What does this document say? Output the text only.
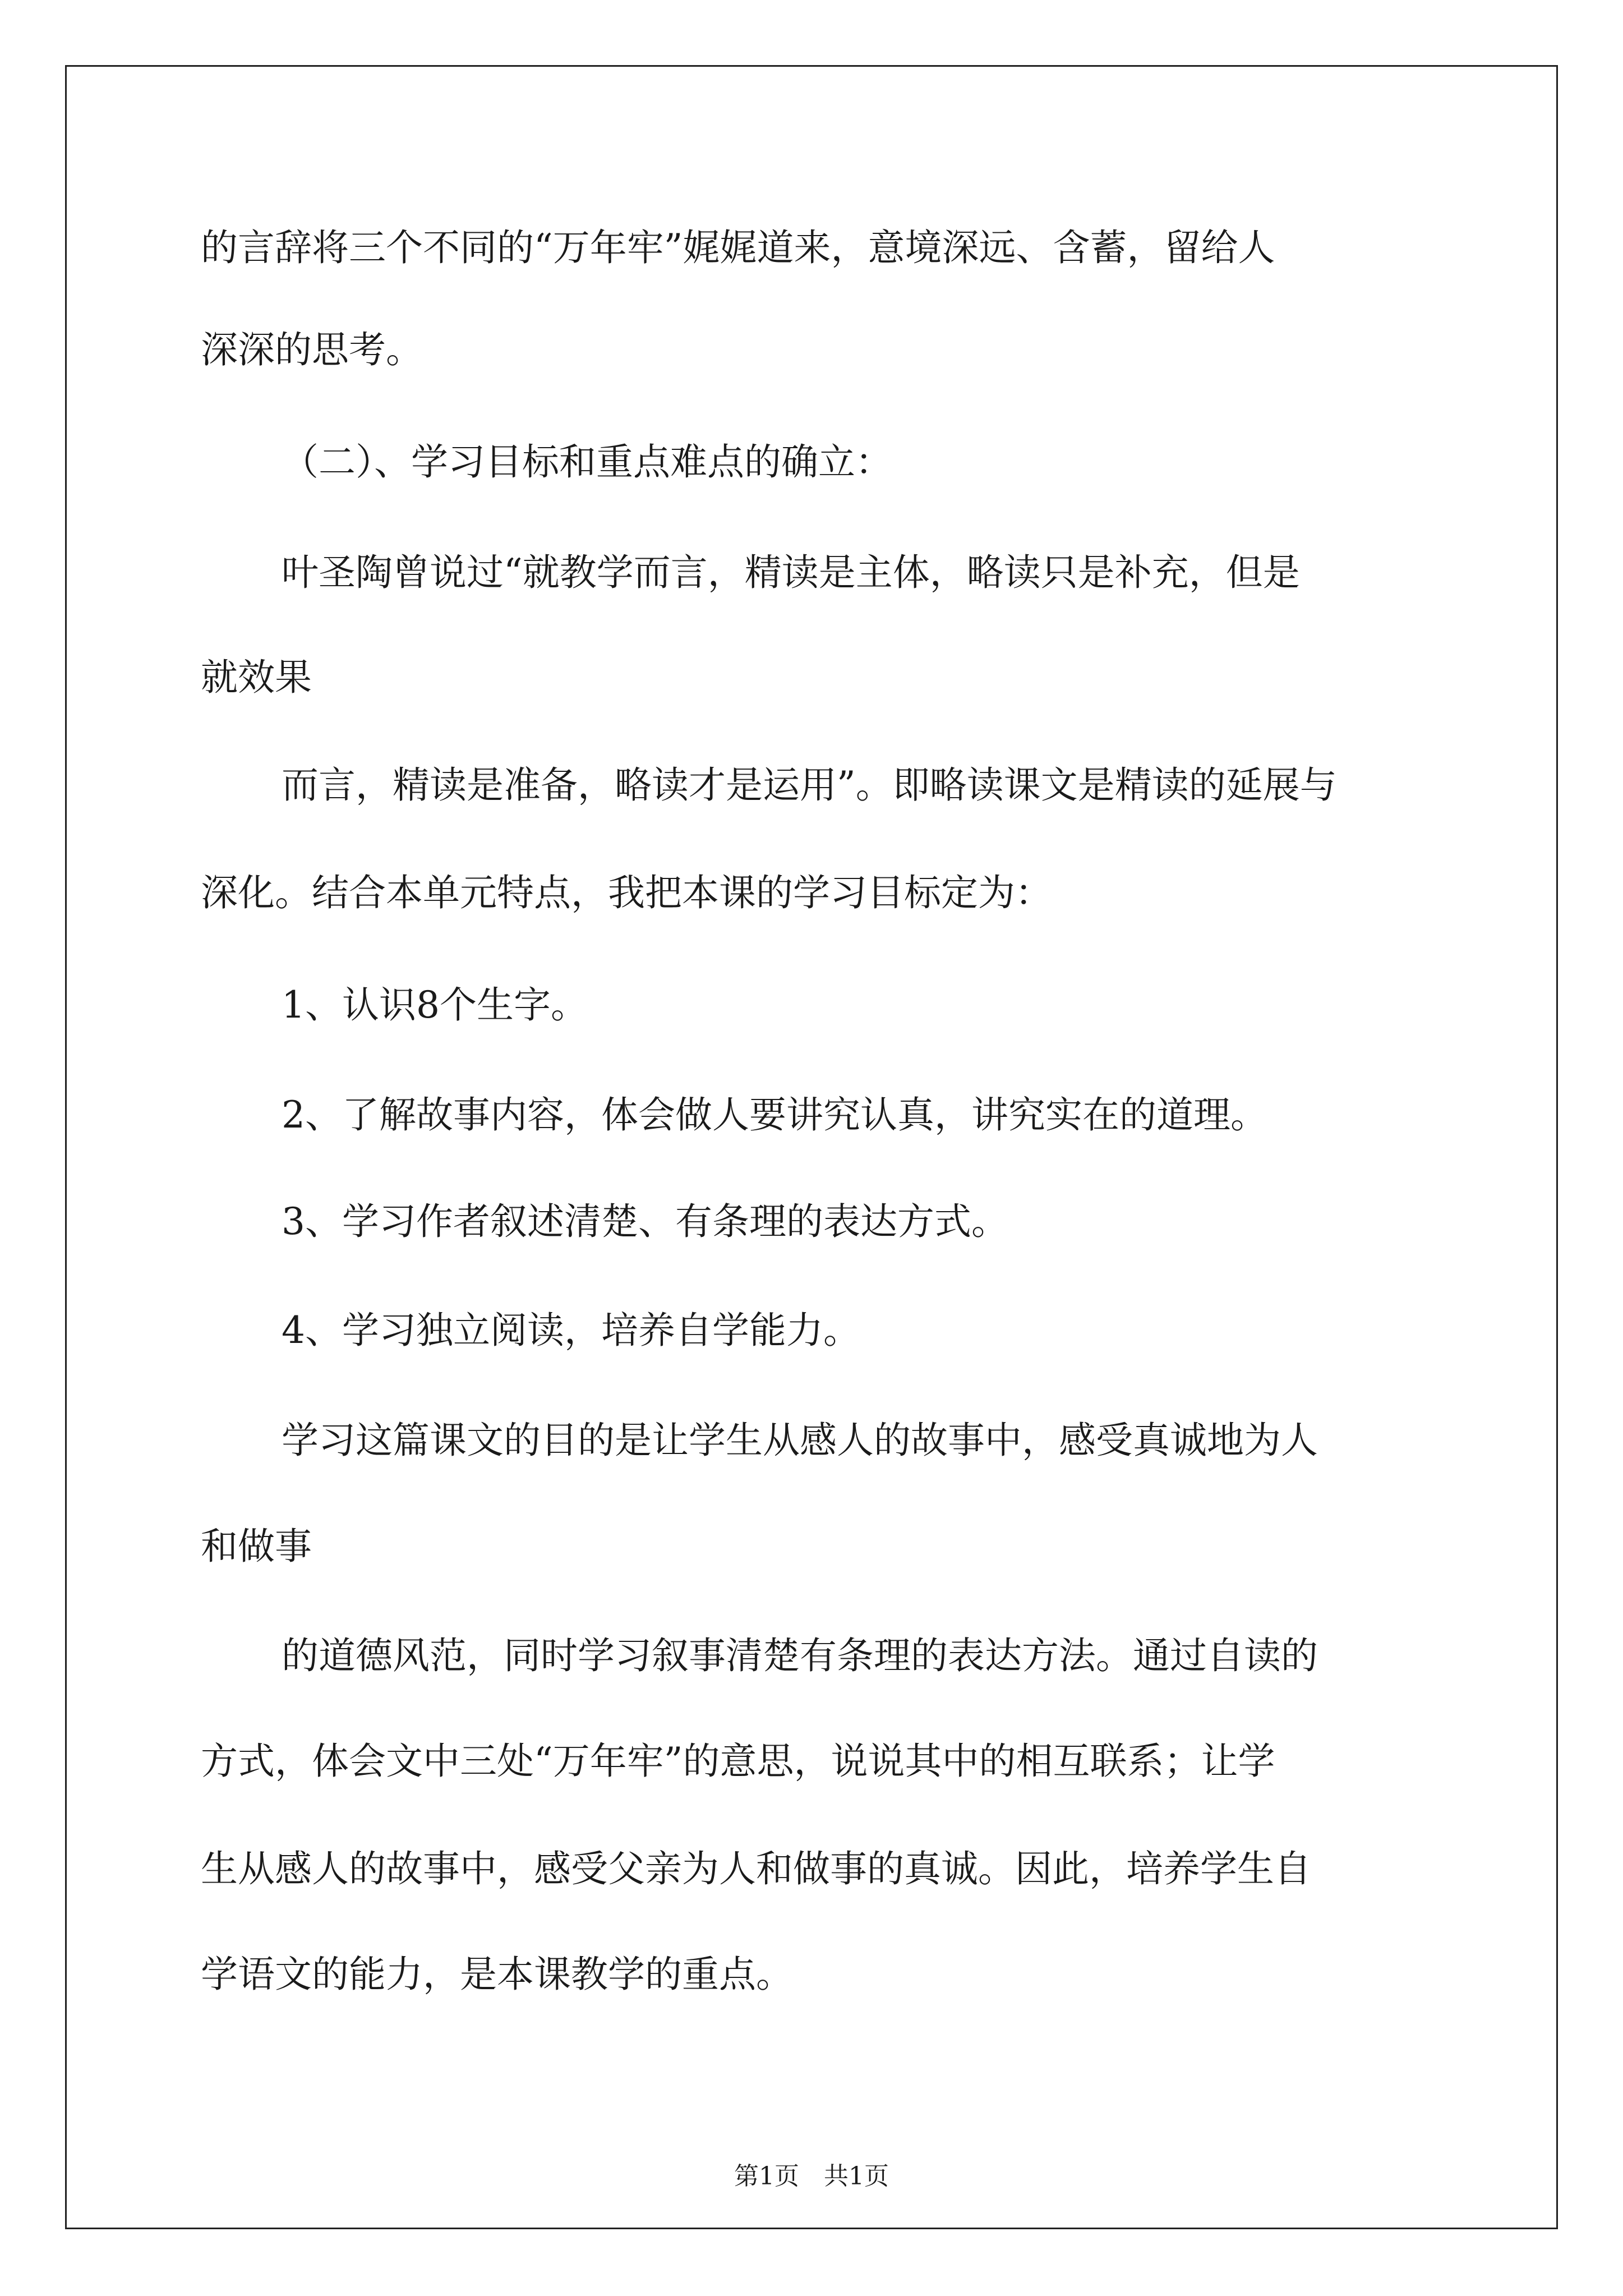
的言辞将三个不同的“万年牢”娓娓道来，意境深远、含蓄，留给人
深深的思考。
（二）、学习目标和重点难点的确立：
叶圣陶曾说过“就教学而言，精读是主体，略读只是补充，但是
就效果
而言，精读是准备，略读才是运用”。即略读课文是精读的延展与
深化。结合本单元特点，我把本课的学习目标定为：
1、认识8个生字。
2、了解故事内容，体会做人要讲究认真，讲究实在的道理。
3、学习作者叙述清楚、有条理的表达方式。
4、学习独立阅读，培养自学能力。
学习这篇课文的目的是让学生从感人的故事中，感受真诚地为人
和做事
的道德风范，同时学习叙事清楚有条理的表达方法。通过自读的
方式，体会文中三处“万年牢”的意思，说说其中的相互联系；让学
生从感人的故事中，感受父亲为人和做事的真诚。因此，培养学生自
学语文的能力，是本课教学的重点。
第1页　共1页
